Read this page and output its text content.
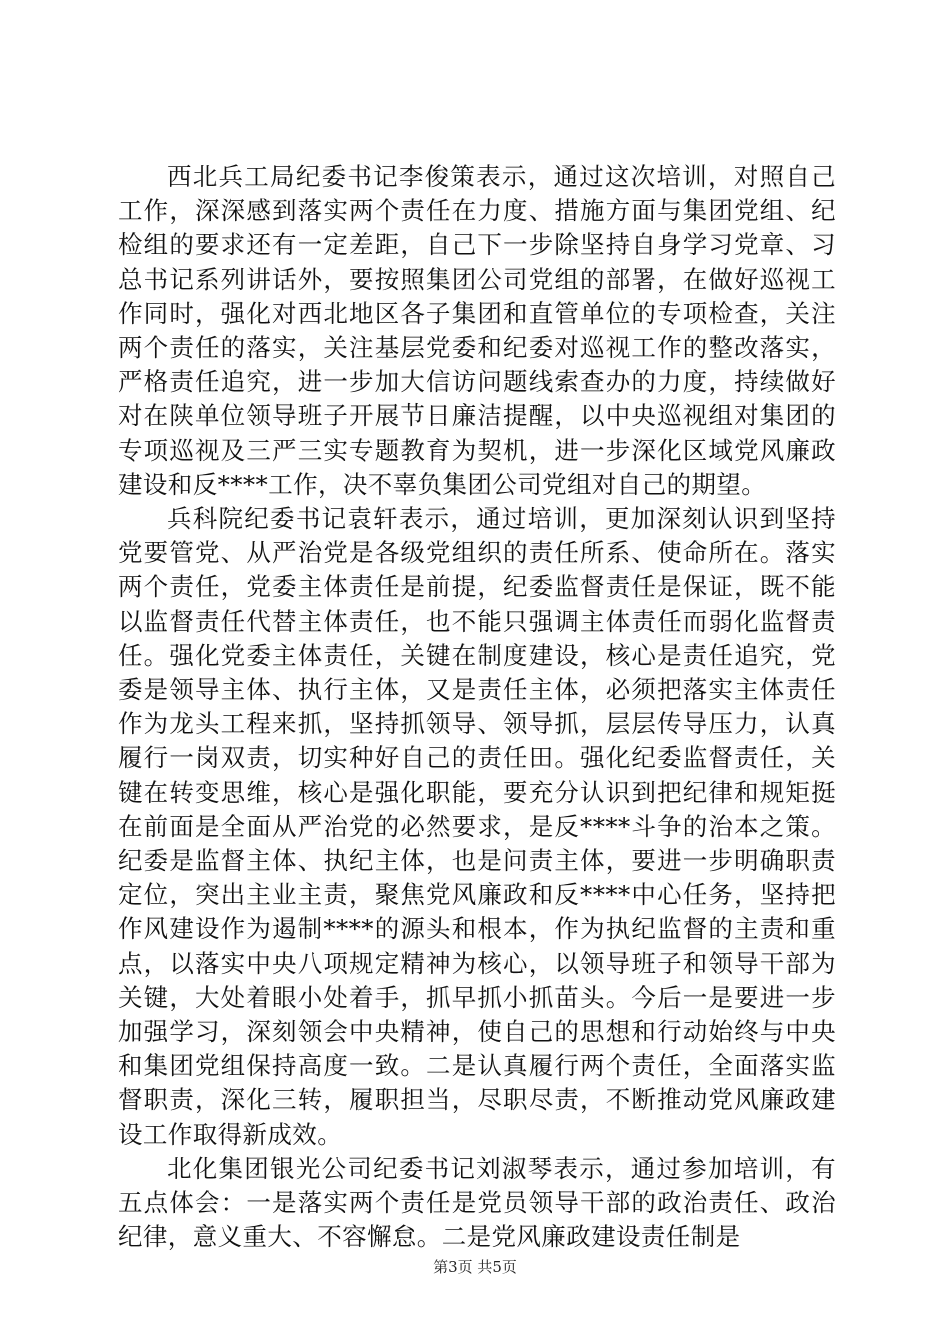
西北兵工局纪委书记李俊策表示，通过这次培训，对照自己工作，深深感到落实两个责任在力度、措施方面与集团党组、纪检组的要求还有一定差距，自己下一步除坚持自身学习党章、习总书记系列讲话外，要按照集团公司党组的部署，在做好巡视工作同时，强化对西北地区各子集团和直管单位的专项检查，关注两个责任的落实，关注基层党委和纪委对巡视工作的整改落实，严格责任追究，进一步加大信访问题线索查办的力度，持续做好对在陕单位领导班子开展节日廉洁提醒，以中央巡视组对集团的专项巡视及三严三实专题教育为契机，进一步深化区域党风廉政建设和反****工作，决不辜负集团公司党组对自己的期望。

兵科院纪委书记袁轩表示，通过培训，更加深刻认识到坚持党要管党、从严治党是各级党组织的责任所系、使命所在。落实两个责任，党委主体责任是前提，纪委监督责任是保证，既不能以监督责任代替主体责任，也不能只强调主体责任而弱化监督责任。强化党委主体责任，关键在制度建设，核心是责任追究，党委是领导主体、执行主体，又是责任主体，必须把落实主体责任作为龙头工程来抓，坚持抓领导、领导抓，层层传导压力，认真履行一岗双责，切实种好自己的责任田。强化纪委监督责任，关键在转变思维，核心是强化职能，要充分认识到把纪律和规矩挺在前面是全面从严治党的必然要求，是反****斗争的治本之策。纪委是监督主体、执纪主体，也是问责主体，要进一步明确职责定位，突出主业主责，聚焦党风廉政和反****中心任务，坚持把作风建设作为遏制****的源头和根本，作为执纪监督的主责和重点，以落实中央八项规定精神为核心，以领导班子和领导干部为关键，大处着眼小处着手，抓早抓小抓苗头。今后一是要进一步加强学习，深刻领会中央精神，使自己的思想和行动始终与中央和集团党组保持高度一致。二是认真履行两个责任，全面落实监督职责，深化三转，履职担当，尽职尽责，不断推动党风廉政建设工作取得新成效。

北化集团银光公司纪委书记刘淑琴表示，通过参加培训，有五点体会：一是落实两个责任是党员领导干部的政治责任、政治纪律，意义重大、不容懈怠。二是党风廉政建设责任制是

第3页 共5页
